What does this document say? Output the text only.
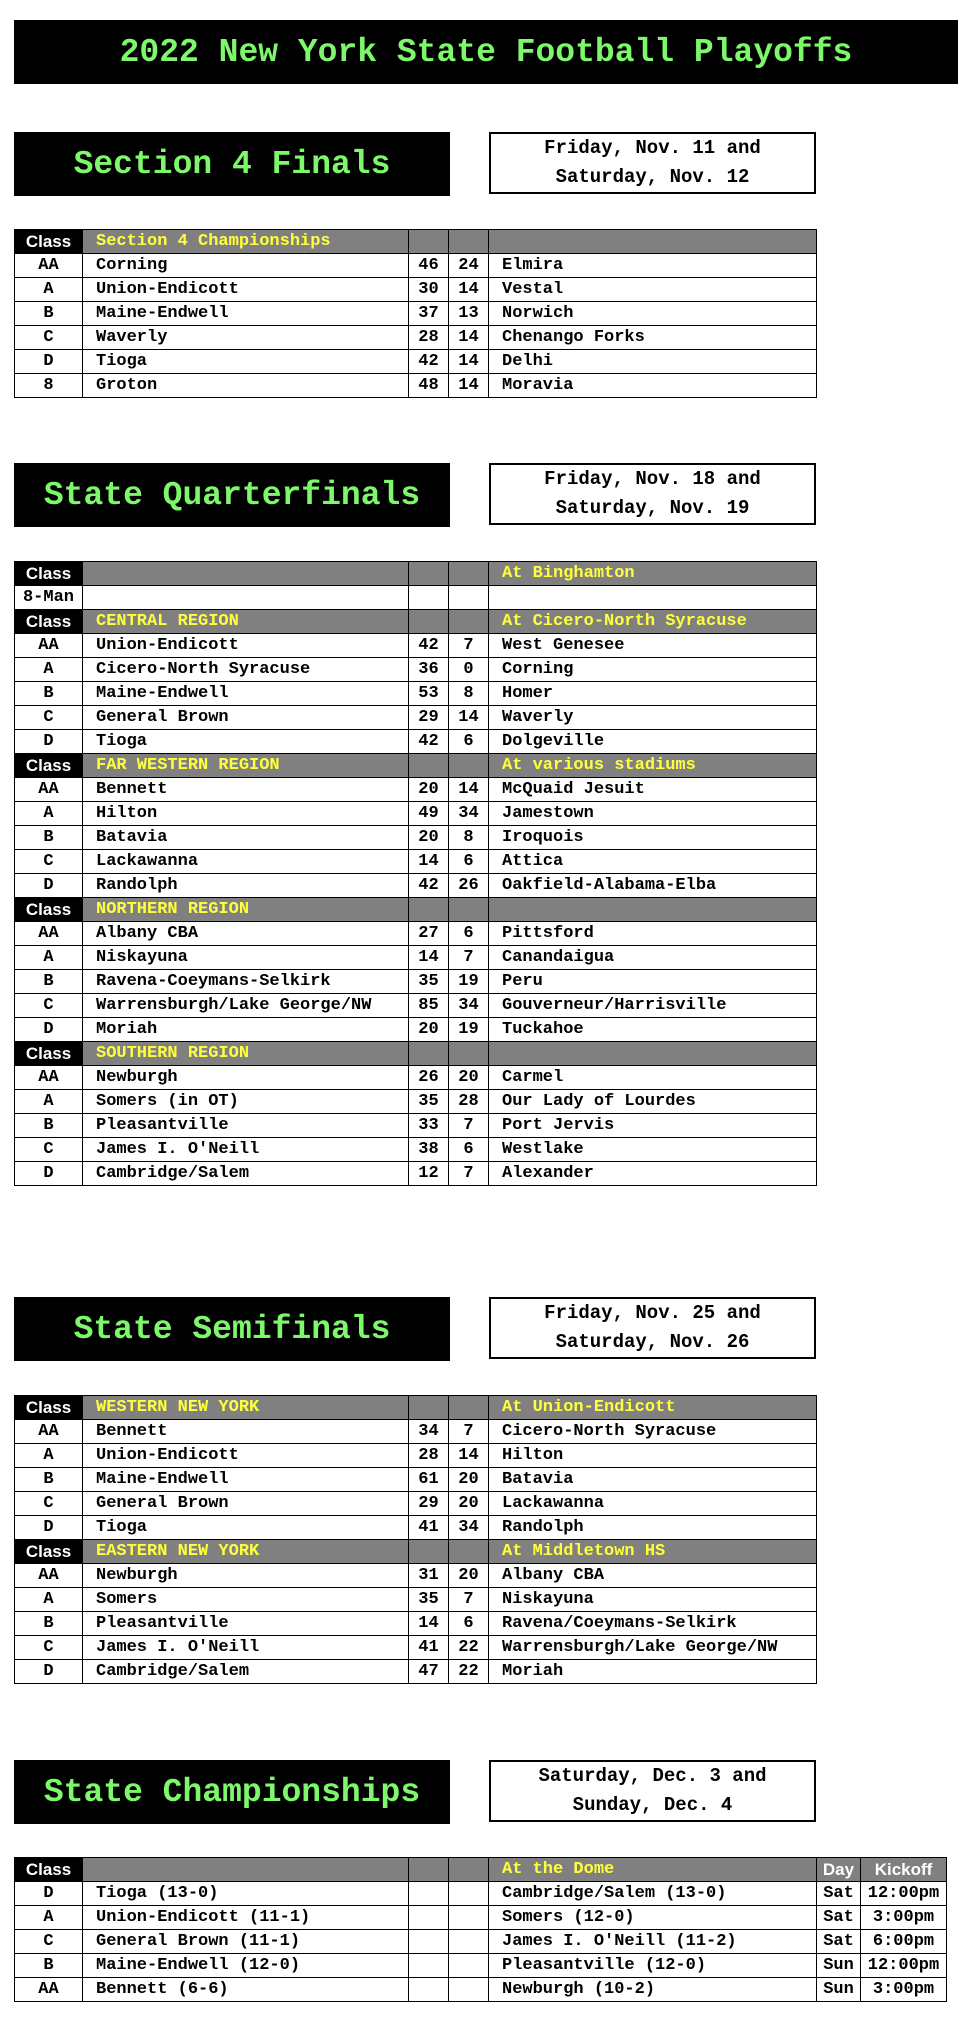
2022 New York State Football Playoffs
Section 4 Finals	Friday, Nov. 11 and
Saturday, Nov. 12
Class	Section 4 Championships			
AA	Corning	46	24	Elmira
A	Union-Endicott	30	14	Vestal
B	Maine-Endwell	37	13	Norwich
C	Waverly	28	14	Chenango Forks
D	Tioga	42	14	Delhi
8	Groton	48	14	Moravia
State Quarterfinals	Friday, Nov. 18 and
Saturday, Nov. 19
Class				At Binghamton
8-Man				
Class	CENTRAL REGION			At Cicero-North Syracuse
AA	Union-Endicott	42	7	West Genesee
A	Cicero-North Syracuse	36	0	Corning
B	Maine-Endwell	53	8	Homer
C	General Brown	29	14	Waverly
D	Tioga	42	6	Dolgeville
Class	FAR WESTERN REGION			At various stadiums
AA	Bennett	20	14	McQuaid Jesuit
A	Hilton	49	34	Jamestown
B	Batavia	20	8	Iroquois
C	Lackawanna	14	6	Attica
D	Randolph	42	26	Oakfield-Alabama-Elba
Class	NORTHERN REGION			
AA	Albany CBA	27	6	Pittsford
A	Niskayuna	14	7	Canandaigua
B	Ravena-Coeymans-Selkirk	35	19	Peru
C	Warrensburgh/Lake George/NW	85	34	Gouverneur/Harrisville
D	Moriah	20	19	Tuckahoe
Class	SOUTHERN REGION			
AA	Newburgh	26	20	Carmel
A	Somers (in OT)	35	28	Our Lady of Lourdes
B	Pleasantville	33	7	Port Jervis
C	James I. O'Neill	38	6	Westlake
D	Cambridge/Salem	12	7	Alexander
State Semifinals	Friday, Nov. 25 and
Saturday, Nov. 26
Class	WESTERN NEW YORK			At Union-Endicott
AA	Bennett	34	7	Cicero-North Syracuse
A	Union-Endicott	28	14	Hilton
B	Maine-Endwell	61	20	Batavia
C	General Brown	29	20	Lackawanna
D	Tioga	41	34	Randolph
Class	EASTERN NEW YORK			At Middletown HS
AA	Newburgh	31	20	Albany CBA
A	Somers	35	7	Niskayuna
B	Pleasantville	14	6	Ravena/Coeymans-Selkirk
C	James I. O'Neill	41	22	Warrensburgh/Lake George/NW
D	Cambridge/Salem	47	22	Moriah
State Championships	Saturday, Dec. 3 and
Sunday, Dec. 4
Class				At the Dome	Day	Kickoff
D	Tioga (13-0)			Cambridge/Salem (13-0)	Sat	12:00pm
A	Union-Endicott (11-1)			Somers (12-0)	Sat	3:00pm
C	General Brown (11-1)			James I. O'Neill (11-2)	Sat	6:00pm
B	Maine-Endwell (12-0)			Pleasantville (12-0)	Sun	12:00pm
AA	Bennett (6-6)			Newburgh (10-2)	Sun	3:00pm
